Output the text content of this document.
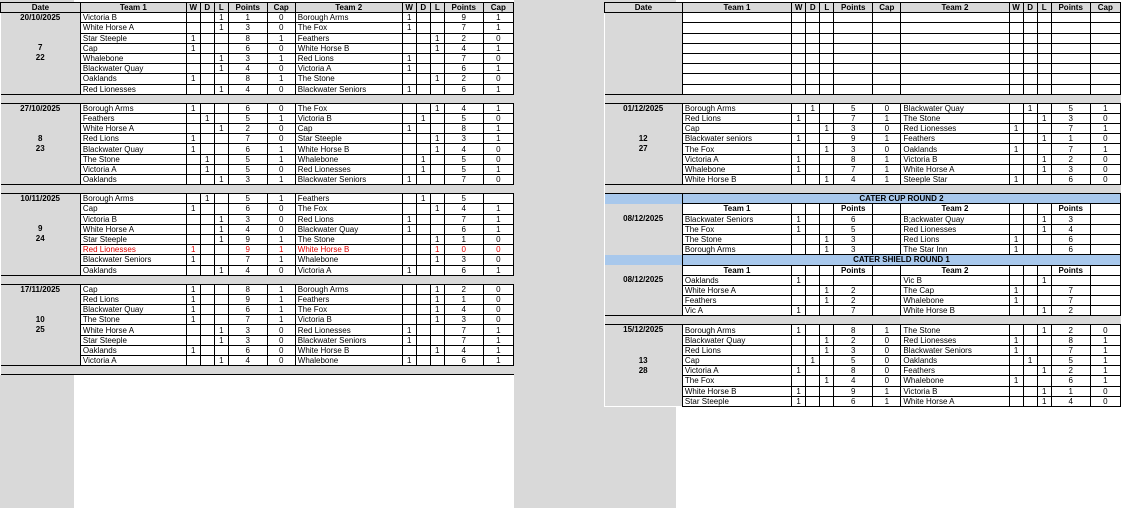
Date	Team 1	W	D	L	Points	Cap	Team 2	W	D	L	Points	Cap
20/10/2025	Victoria B			1	1	0	Borough Arms	1			9	1
	White Horse A			1	3	0	The Fox	1			7	1
	Star Steeple	1			8	1	Feathers			1	2	0
7	Cap	1			6	0	White Horse B			1	4	1
22	Whalebone			1	3	1	Red Lions	1			7	0
	Blackwater Quay			1	4	0	Victoria A	1			6	1
	Oaklands	1			8	1	The Stone			1	2	0
	Red Lionesses			1	4	0	Blackwater Seniors	1			6	1

27/10/2025	Borough Arms	1			6	0	The Fox			1	4	1
	Feathers		1		5	1	Victoria B		1		5	0
	White Horse A			1	2	0	Cap	1			8	1
8	Red Lions	1			7	0	Star Steeple			1	3	1
23	Blackwater Quay	1			6	1	White Horse B			1	4	0
	The Stone		1		5	1	Whalebone		1		5	0
	Victoria A		1		5	0	Red Lionesses		1		5	1
	Oaklands			1	3	1	Blackwater Seniors	1			7	0

10/11/2025	Borough Arms		1		5	1	Feathers		1		5	
	Cap	1			6	0	The Fox			1	4	1
	Victoria B			1	3	0	Red Lions	1			7	1
9	White Horse A			1	4	0	Blackwater Quay	1			6	1
24	Star Steeple			1	9	1	The Stone			1	1	0
	Red Lionesses	1			9	1	White Horse B			1	0	0
	Blackwater Seniors	1			7	1	Whalebone			1	3	0
	Oaklands			1	4	0	Victoria A	1			6	1

17/11/2025	Cap	1			8	1	Borough Arms			1	2	0
	Red Lions	1			9	1	Feathers			1	1	0
	Blackwater Quay	1			6	1	The Fox			1	4	0
10	The Stone	1			7	1	Victoria B			1	3	0
25	White Horse A			1	3	0	Red Lionesses	1			7	1
	Star Steeple			1	3	0	Blackwater Seniors	1			7	1
	Oaklands	1			6	0	White Horse B			1	4	1
	Victoria A			1	4	0	Whalebone	1			6	1

Date	Team 1	W	D	L	Points	Cap	Team 2	W	D	L	Points	Cap

01/12/2025	Borough Arms		1		5	0	Blackwater Quay		1		5	1
	Red Lions	1			7	1	The Stone			1	3	0
	Cap			1	3	0	Red Lionesses	1			7	1
12	Blackwater seniors	1			9	1	Feathers			1	1	0
27	The Fox			1	3	0	Oaklands	1			7	1
	Victoria A	1			8	1	Victoria B			1	2	0
	Whalebone	1			7	1	White Horse A			1	3	0
	White Horse B			1	4	1	Steeple Star	1			6	0

	CATER CUP ROUND 2											
	Team 1				Points		Team 2				Points	
08/12/2025	Blackwater Seniors	1			6		B;ackwater Quay			1	3	
	The Fox	1			5		Red Lionesses			1	4	
	The Stone			1	3		Red Lions	1			6	
	Borough Arms			1	3		The Star Inn	1			6	
	CATER SHIELD ROUND 1											
	Team 1				Points		Team 2				Points	
08/12/2025	Oaklands	1					Vic B			1		
	White Horse A			1	2		The Cap	1			7	
	Feathers			1	2		Whalebone	1			7	
	Vic A	1			7		White Horse B			1	2	

15/12/2025	Borough Arms	1			8	1	The Stone			1	2	0
	Blackwater Quay			1	2	0	Red Lionesses	1			8	1
	Red Lions			1	3	0	Blackwater Seniors	1			7	1
13	Cap		1		5	0	Oaklands		1		5	1
28	Victoria A	1			8	0	Feathers			1	2	1
	The Fox			1	4	0	Whalebone	1			6	1
	White Horse B	1			9	1	Victoria B			1	1	0
	Star Steeple	1			6	1	White Horse A			1	4	0
